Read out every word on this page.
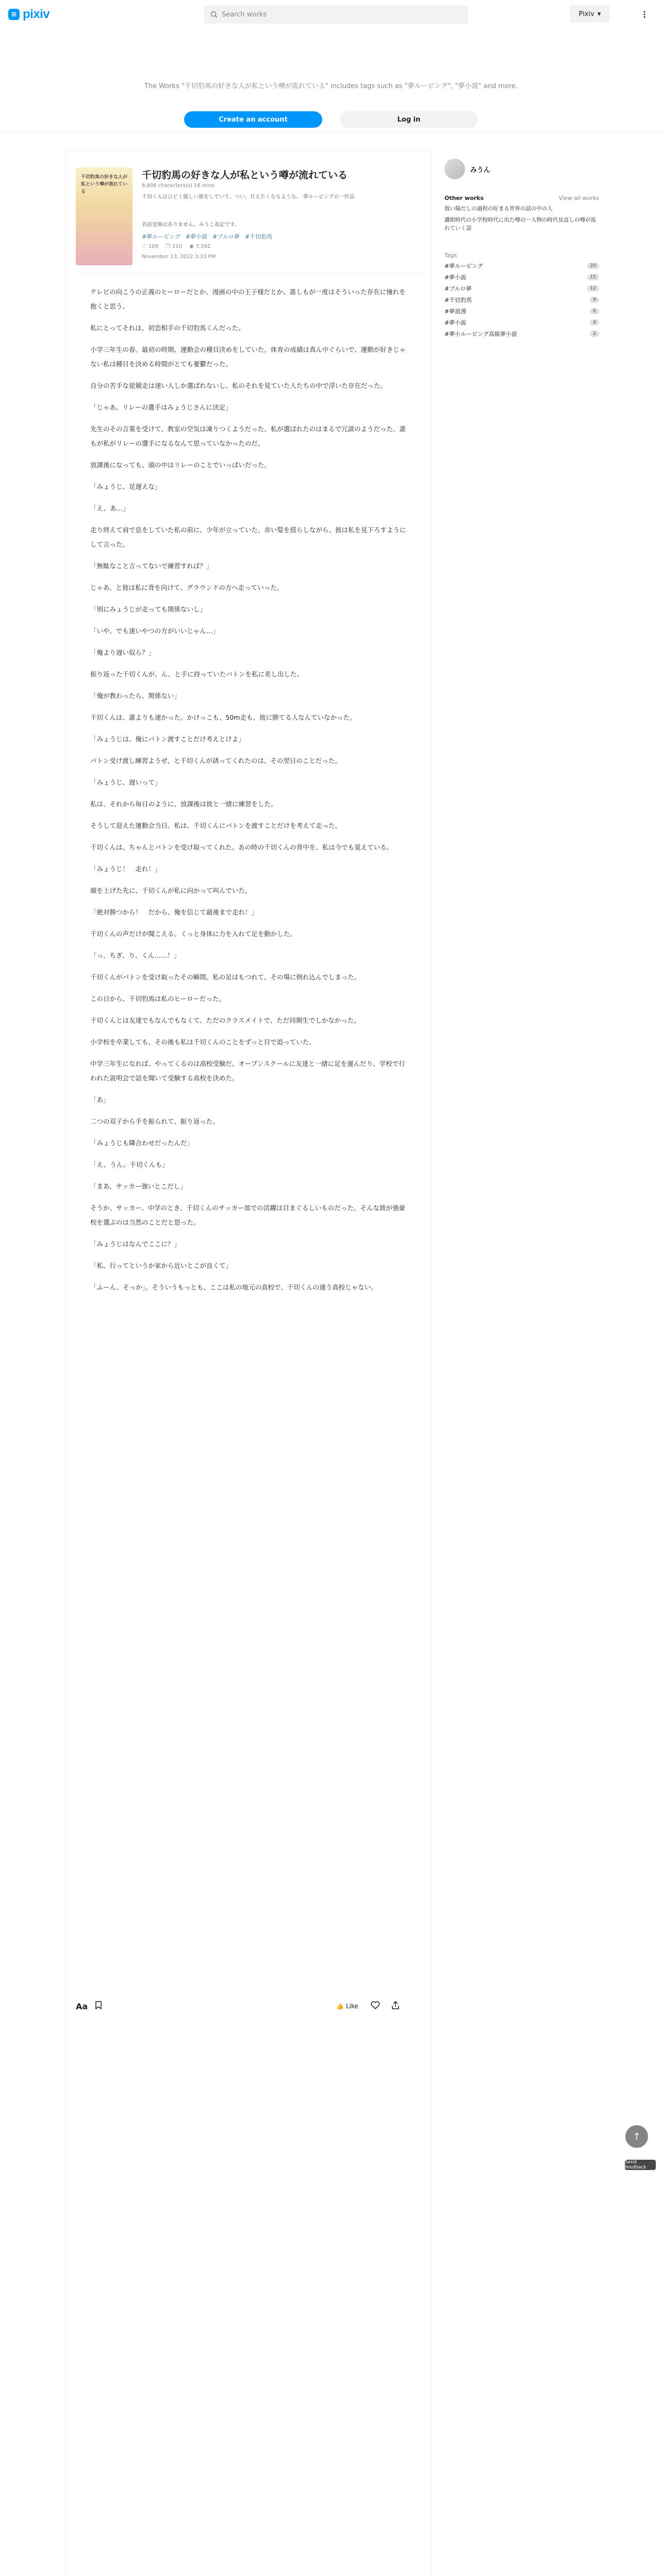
≡ pixiv
Search works	Pixiv ▾
The Works "千切豹馬の好きな人が私という噂が流れている" includes tags such as "夢ルーピング", "夢小説" and more.
Create an account	Log in
千切豹馬の好きな人が私という噂が流れている
千切豹馬の好きな人が私という噂が流れている
8,808 characters(s) 16 mins
千切くんはひどく優しい顔をしていて、つい、甘えたくなるような。 夢ルーピングの一作品
名前変換はありません。みうこ表記です。
#夢ルーピング #夢小説 #ブルロ夢 #千切豹馬
♡ 109 ❐ 210 ◉ 7,592
November 13, 2022 3:33 PM

テレビの向こうの正義のヒーローだとか、漫画の中の王子様だとか、誰しもが一度はそういった存在に憧れを抱くと思う。

私にとってそれは、初恋相手の千切豹馬くんだった。

小学三年生の春。最初の時期、運動会の種目決めをしていた。体育の成績は真ん中ぐらいで、運動が好きじゃない私は種目を決める時間がとても憂鬱だった。

自分の苦手な徒競走は速い人しか選ばれないし、私のそれを見ていた人たちの中で浮いた存在だった。

「じゃあ、リレーの選手はみょうじさんに決定」

先生のその言葉を受けて、教室の空気は凍りつくようだった。私が選ばれたのはまるで冗談のようだった。誰もが私がリレーの選手になるなんて思っていなかったのだ。

放課後になっても、頭の中はリレーのことでいっぱいだった。

「みょうじ、足遅えな」

「え、あ…」

走り終えて肩で息をしていた私の前に、少年が立っていた。赤い髪を揺らしながら、彼は私を見下ろすようにして言った。

「無駄なこと言ってないで練習すれば？」

じゃあ、と彼は私に背を向けて、グラウンドの方へ走っていった。

「別にみょうじが走っても関係ないし」

「いや、でも速いやつの方がいいじゃん…」

「俺より遅い奴ら？」

振り返った千切くんが、ん、と手に持っていたバトンを私に差し出した。

「俺が教わったら、関係ない」

千切くんは、誰よりも速かった。かけっこも、50m走も、彼に勝てる人なんていなかった。

「みょうじは、俺にバトン渡すことだけ考えとけよ」

バトン受け渡し練習ようぜ、と千切くんが誘ってくれたのは、その翌日のことだった。

「みょうじ、遅いって」

私は、それから毎日のように、放課後は彼と一緒に練習をした。

そうして迎えた運動会当日。私は、千切くんにバトンを渡すことだけを考えて走った。

千切くんは、ちゃんとバトンを受け取ってくれた。あの時の千切くんの背中を、私は今でも覚えている。

「みょうじ！　走れ！」

顔を上げた先に、千切くんが私に向かって叫んでいた。

「絶対勝つから！　だから、俺を信じて最後まで走れ！」

千切くんの声だけが聞こえる。くっと身体に力を入れて足を動かした。

「っ、ちぎ、り、くん……！」

千切くんがバトンを受け取ったその瞬間、私の足はもつれて、その場に倒れ込んでしまった。

この日から、千切豹馬は私のヒーローだった。

千切くんとは友達でもなんでもなくて、ただのクラスメイトで、ただ同期生でしかなかった。

小学校を卒業しても、その後も私は千切くんのことをずっと目で追っていた。

中学三年生になれば、やってくるのは高校受験だ。オープンスクールに友達と一緒に足を運んだり、学校で行われた説明会で話を聞いて受験する高校を決めた。

「あ」

二つの双子から手を振られて、振り返った。

「みょうじも隣合わせだったんだ」

「え、うん。千切くんも」

「まあ、サッカー強いとこだし」

そうか、サッカー。中学のとき、千切くんのサッカー部での活躍は目まぐるしいものだった。そんな彼が強豪校を選ぶのは当然のことだと思った。

「みょうじはなんでここに？」

「私、行ってというか家から近いとこが良くて」

「ふーん、そっか」。そういうもっとも、ここは私の地元の高校で、千切くんの通う高校じゃない。

Aa	👍 Like
みうん
Other works	View all works
低い陽だしの過程の好まる世界の話の中の人
濃紺時代の小学校時代に出た噂の一人物の時代見直しの噂が流れていく話
Tags
#夢ルーピング	20
#夢小説	15
#ブルロ夢	12
#千切豹馬	9
#夢浪漫	6
#夢小説	4
#夢小ルーピング高級夢小説	2
↑
Send feedback
